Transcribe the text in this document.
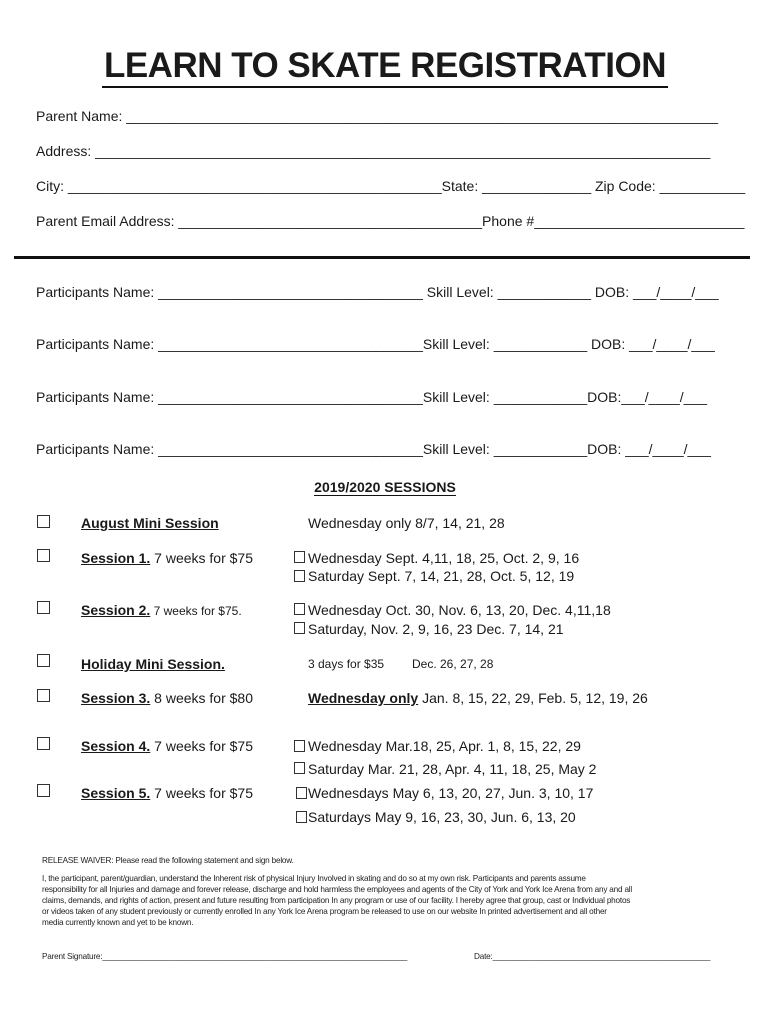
LEARN TO SKATE REGISTRATION
Parent Name: ____________________________________________________________________________
Address: _______________________________________________________________________________
City: ________________________________________________State: ______________ Zip Code: ___________
Parent Email Address: _______________________________________Phone #___________________________
Participants Name: __________________________________ Skill Level: ____________ DOB: ___/____/___
Participants Name: __________________________________Skill Level: ____________ DOB: ___/____/___
Participants Name: __________________________________Skill Level: ____________DOB:___/____/___
Participants Name: __________________________________Skill Level: ____________DOB: ___/____/___
2019/2020 SESSIONS
August Mini Session	Wednesday only 8/7, 14, 21, 28
Session 1. 7 weeks for $75	Wednesday Sept. 4,11, 18, 25, Oct. 2, 9, 16
Saturday Sept. 7, 14, 21, 28, Oct. 5, 12, 19
Session 2. 7 weeks for $75.	Wednesday Oct. 30, Nov. 6, 13, 20, Dec. 4,11,18
Saturday, Nov. 2, 9, 16, 23 Dec. 7, 14, 21
Holiday Mini Session.	3 days for $35 Dec. 26, 27, 28
Session 3. 8 weeks for $80	Wednesday only Jan. 8, 15, 22, 29, Feb. 5, 12, 19, 26
Session 4. 7 weeks for $75	Wednesday Mar.18, 25, Apr. 1, 8, 15, 22, 29
Saturday Mar. 21, 28, Apr. 4, 11, 18, 25, May 2
Session 5. 7 weeks for $75	Wednesdays May 6, 13, 20, 27, Jun. 3, 10, 17
Saturdays May 9, 16, 23, 30, Jun. 6, 13, 20
RELEASE WAIVER: Please read the following statement and sign below.
I, the participant, parent/guardian, understand the Inherent risk of physical Injury Involved in skating and do so at my own risk. Participants and parents assume
responsibility for all Injuries and damage and forever release, discharge and hold harmless the employees and agents of the City of York and York Ice Arena from any and all
claims, demands, and rights of action, present and future resulting from participation In any program or use of our facility. I hereby agree that group, cast or Individual photos
or videos taken of any student previously or currently enrolled In any York Ice Arena program be released to use on our website In printed advertisement and all other
media currently known and yet to be known.
Parent Signature:______________________________________________________________________	Date:__________________________________________________
